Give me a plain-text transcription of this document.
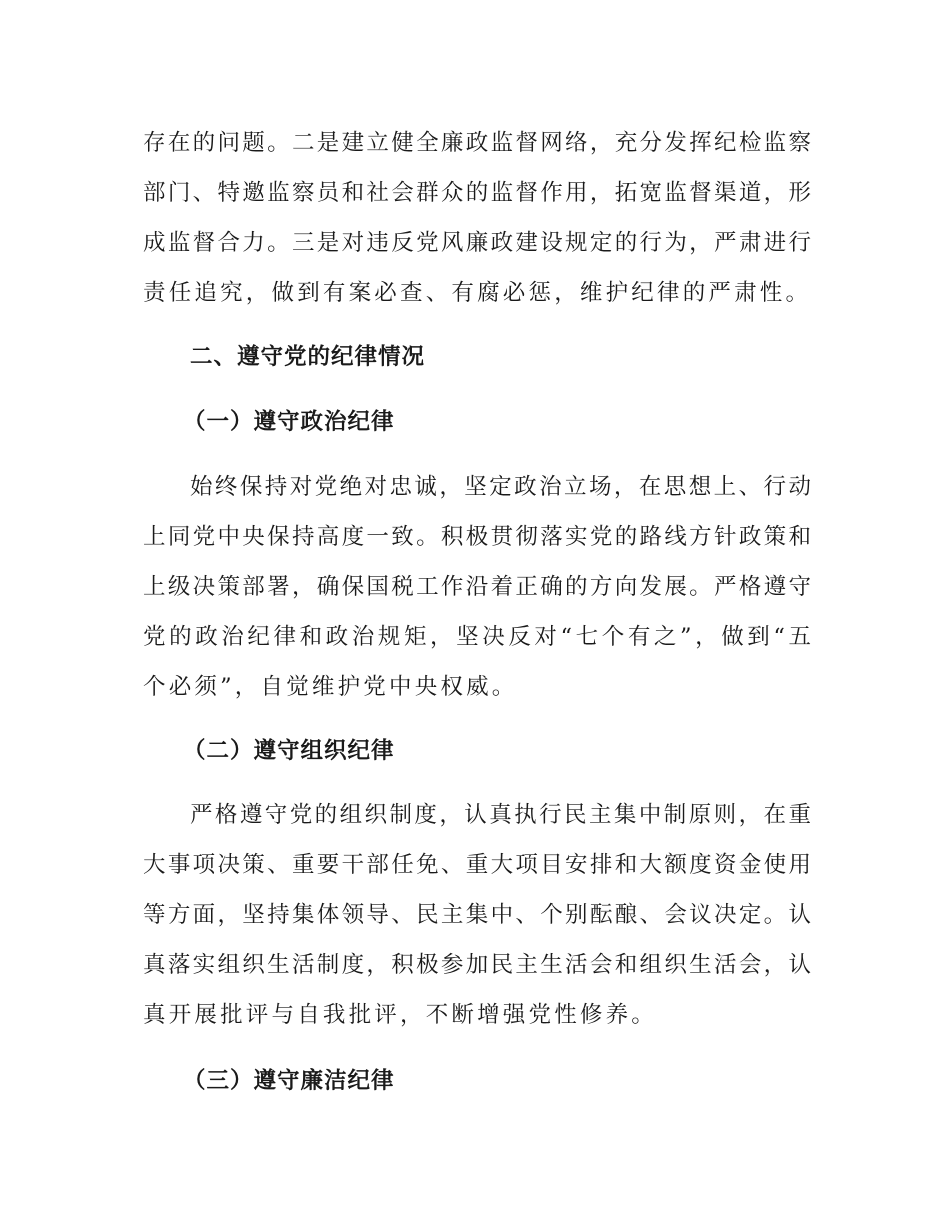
存在的问题。二是建立健全廉政监督网络，充分发挥纪检监察
部门、特邀监察员和社会群众的监督作用，拓宽监督渠道，形
成监督合力。三是对违反党风廉政建设规定的行为，严肃进行
责任追究，做到有案必查、有腐必惩，维护纪律的严肃性。
二、遵守党的纪律情况
（一）遵守政治纪律
始终保持对党绝对忠诚，坚定政治立场，在思想上、行动
上同党中央保持高度一致。积极贯彻落实党的路线方针政策和
上级决策部署，确保国税工作沿着正确的方向发展。严格遵守
党的政治纪律和政治规矩，坚决反对“七个有之”，做到“五
个必须”，自觉维护党中央权威。
（二）遵守组织纪律
严格遵守党的组织制度，认真执行民主集中制原则，在重
大事项决策、重要干部任免、重大项目安排和大额度资金使用
等方面，坚持集体领导、民主集中、个别酝酿、会议决定。认
真落实组织生活制度，积极参加民主生活会和组织生活会，认
真开展批评与自我批评，不断增强党性修养。
（三）遵守廉洁纪律
